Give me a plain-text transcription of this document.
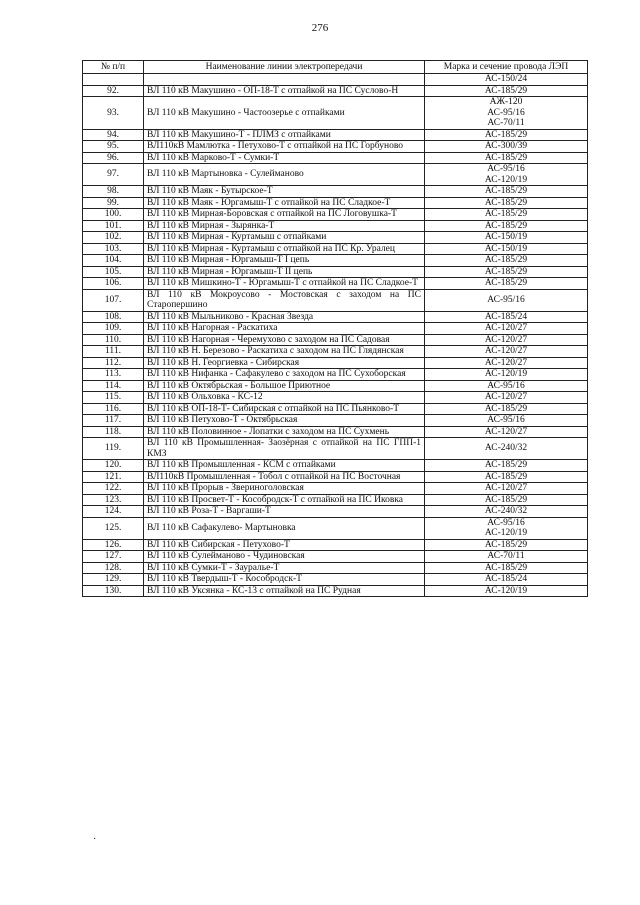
276
№ п/п	Наименование линии электропередачи	Марка и сечение провода ЛЭП

		АС-150/24

92.	ВЛ 110 кВ Макушино - ОП-18-Т с отпайкой на ПС Суслово-Н	АС-185/29

93.	ВЛ 110 кВ Макушино - Частоозерье с отпайками	АЖ-120
АС-95/16
АС-70/11

94.	ВЛ 110 кВ Макушино-Т - ПЛМЗ с отпайками	АС-185/29

95.	ВЛ110кВ Мамлютка - Петухово-Т с отпайкой на ПС Горбуново	АС-300/39

96.	ВЛ 110 кВ Марково-Т - Сумки-Т	АС-185/29

97.	ВЛ 110 кВ Мартыновка - Сулейманово	АС-95/16
АС-120/19

98.	ВЛ 110 кВ Маяк - Бутырское-Т	АС-185/29

99.	ВЛ 110 кВ Маяк - Юргамыш-Т с отпайкой на ПС Сладкое-Т	АС-185/29

100.	ВЛ 110 кВ Мирная-Боровская с отпайкой на ПС Логовушка-Т	АС-185/29

101.	ВЛ 110 кВ Мирная - Зырянка-Т	АС-185/29

102.	ВЛ 110 кВ Мирная - Куртамыш с отпайками	АС-150/19

103.	ВЛ 110 кВ Мирная - Куртамыш с отпайкой на ПС Кр. Уралец	АС-150/19

104.	ВЛ 110 кВ Мирная - Юргамыш-Т I цепь	АС-185/29

105.	ВЛ 110 кВ Мирная - Юргамыш-Т II цепь	АС-185/29

106.	ВЛ 110 кВ Мишкино-Т - Юргамыш-Т с отпайкой на ПС Сладкое-Т	АС-185/29

107.	ВЛ 110 кВ Мокроусово - Мостовская с заходом на ПС Старопершино	АС-95/16

108.	ВЛ 110 кВ Мыльниково - Красная Звезда	АС-185/24

109.	ВЛ 110 кВ Нагорная - Раскатиха	АС-120/27

110.	ВЛ 110 кВ Нагорная - Черемухово с заходом на ПС Садовая	АС-120/27

111.	ВЛ 110 кВ Н. Березово - Раскатиха с заходом на ПС Глядянская	АС-120/27

112.	ВЛ 110 кВ Н. Георгиевка - Сибирская	АС-120/27

113.	ВЛ 110 кВ Нифанка - Сафакулево с заходом на ПС Сухоборская	АС-120/19

114.	ВЛ 110 кВ Октябрьская - Большое Приютное	АС-95/16

115.	ВЛ 110 кВ Ольховка - КС-12	АС-120/27

116.	ВЛ 110 кВ ОП-18-Т- Сибирская с отпайкой на ПС Пьянково-Т	АС-185/29

117.	ВЛ 110 кВ Петухово-Т - Октябрьская	АС-95/16

118.	ВЛ 110 кВ Половинное - Лопатки с заходом на ПС Сухмень	АС-120/27

119.	ВЛ 110 кВ Промышленная- Заозёрная с отпайкой на ПС ГПП-1 КМЗ	АС-240/32

120.	ВЛ 110 кВ Промышленная - КСМ с отпайками	АС-185/29

121.	ВЛ110кВ Промышленная - Тобол с отпайкой на ПС Восточная	АС-185/29

122.	ВЛ 110 кВ Прорыв - Звериноголовская	АС-120/27

123.	ВЛ 110 кВ Просвет-Т - Кособродск-Т с отпайкой на ПС Иковка	АС-185/29

124.	ВЛ 110 кВ Роза-Т - Варгаши-Т	АС-240/32

125.	ВЛ 110 кВ Сафакулево- Мартыновка	АС-95/16
АС-120/19

126.	ВЛ 110 кВ Сибирская - Петухово-Т	АС-185/29

127.	ВЛ 110 кВ Сулейманово - Чудиновская	АС-70/11

128.	ВЛ 110 кВ Сумки-Т - Зауралье-Т	АС-185/29

129.	ВЛ 110 кВ Твердыш-Т - Кособродск-Т	АС-185/24

130.	ВЛ 110 кВ Уксянка - КС-13 с отпайкой на ПС Рудная	АС-120/19
·
